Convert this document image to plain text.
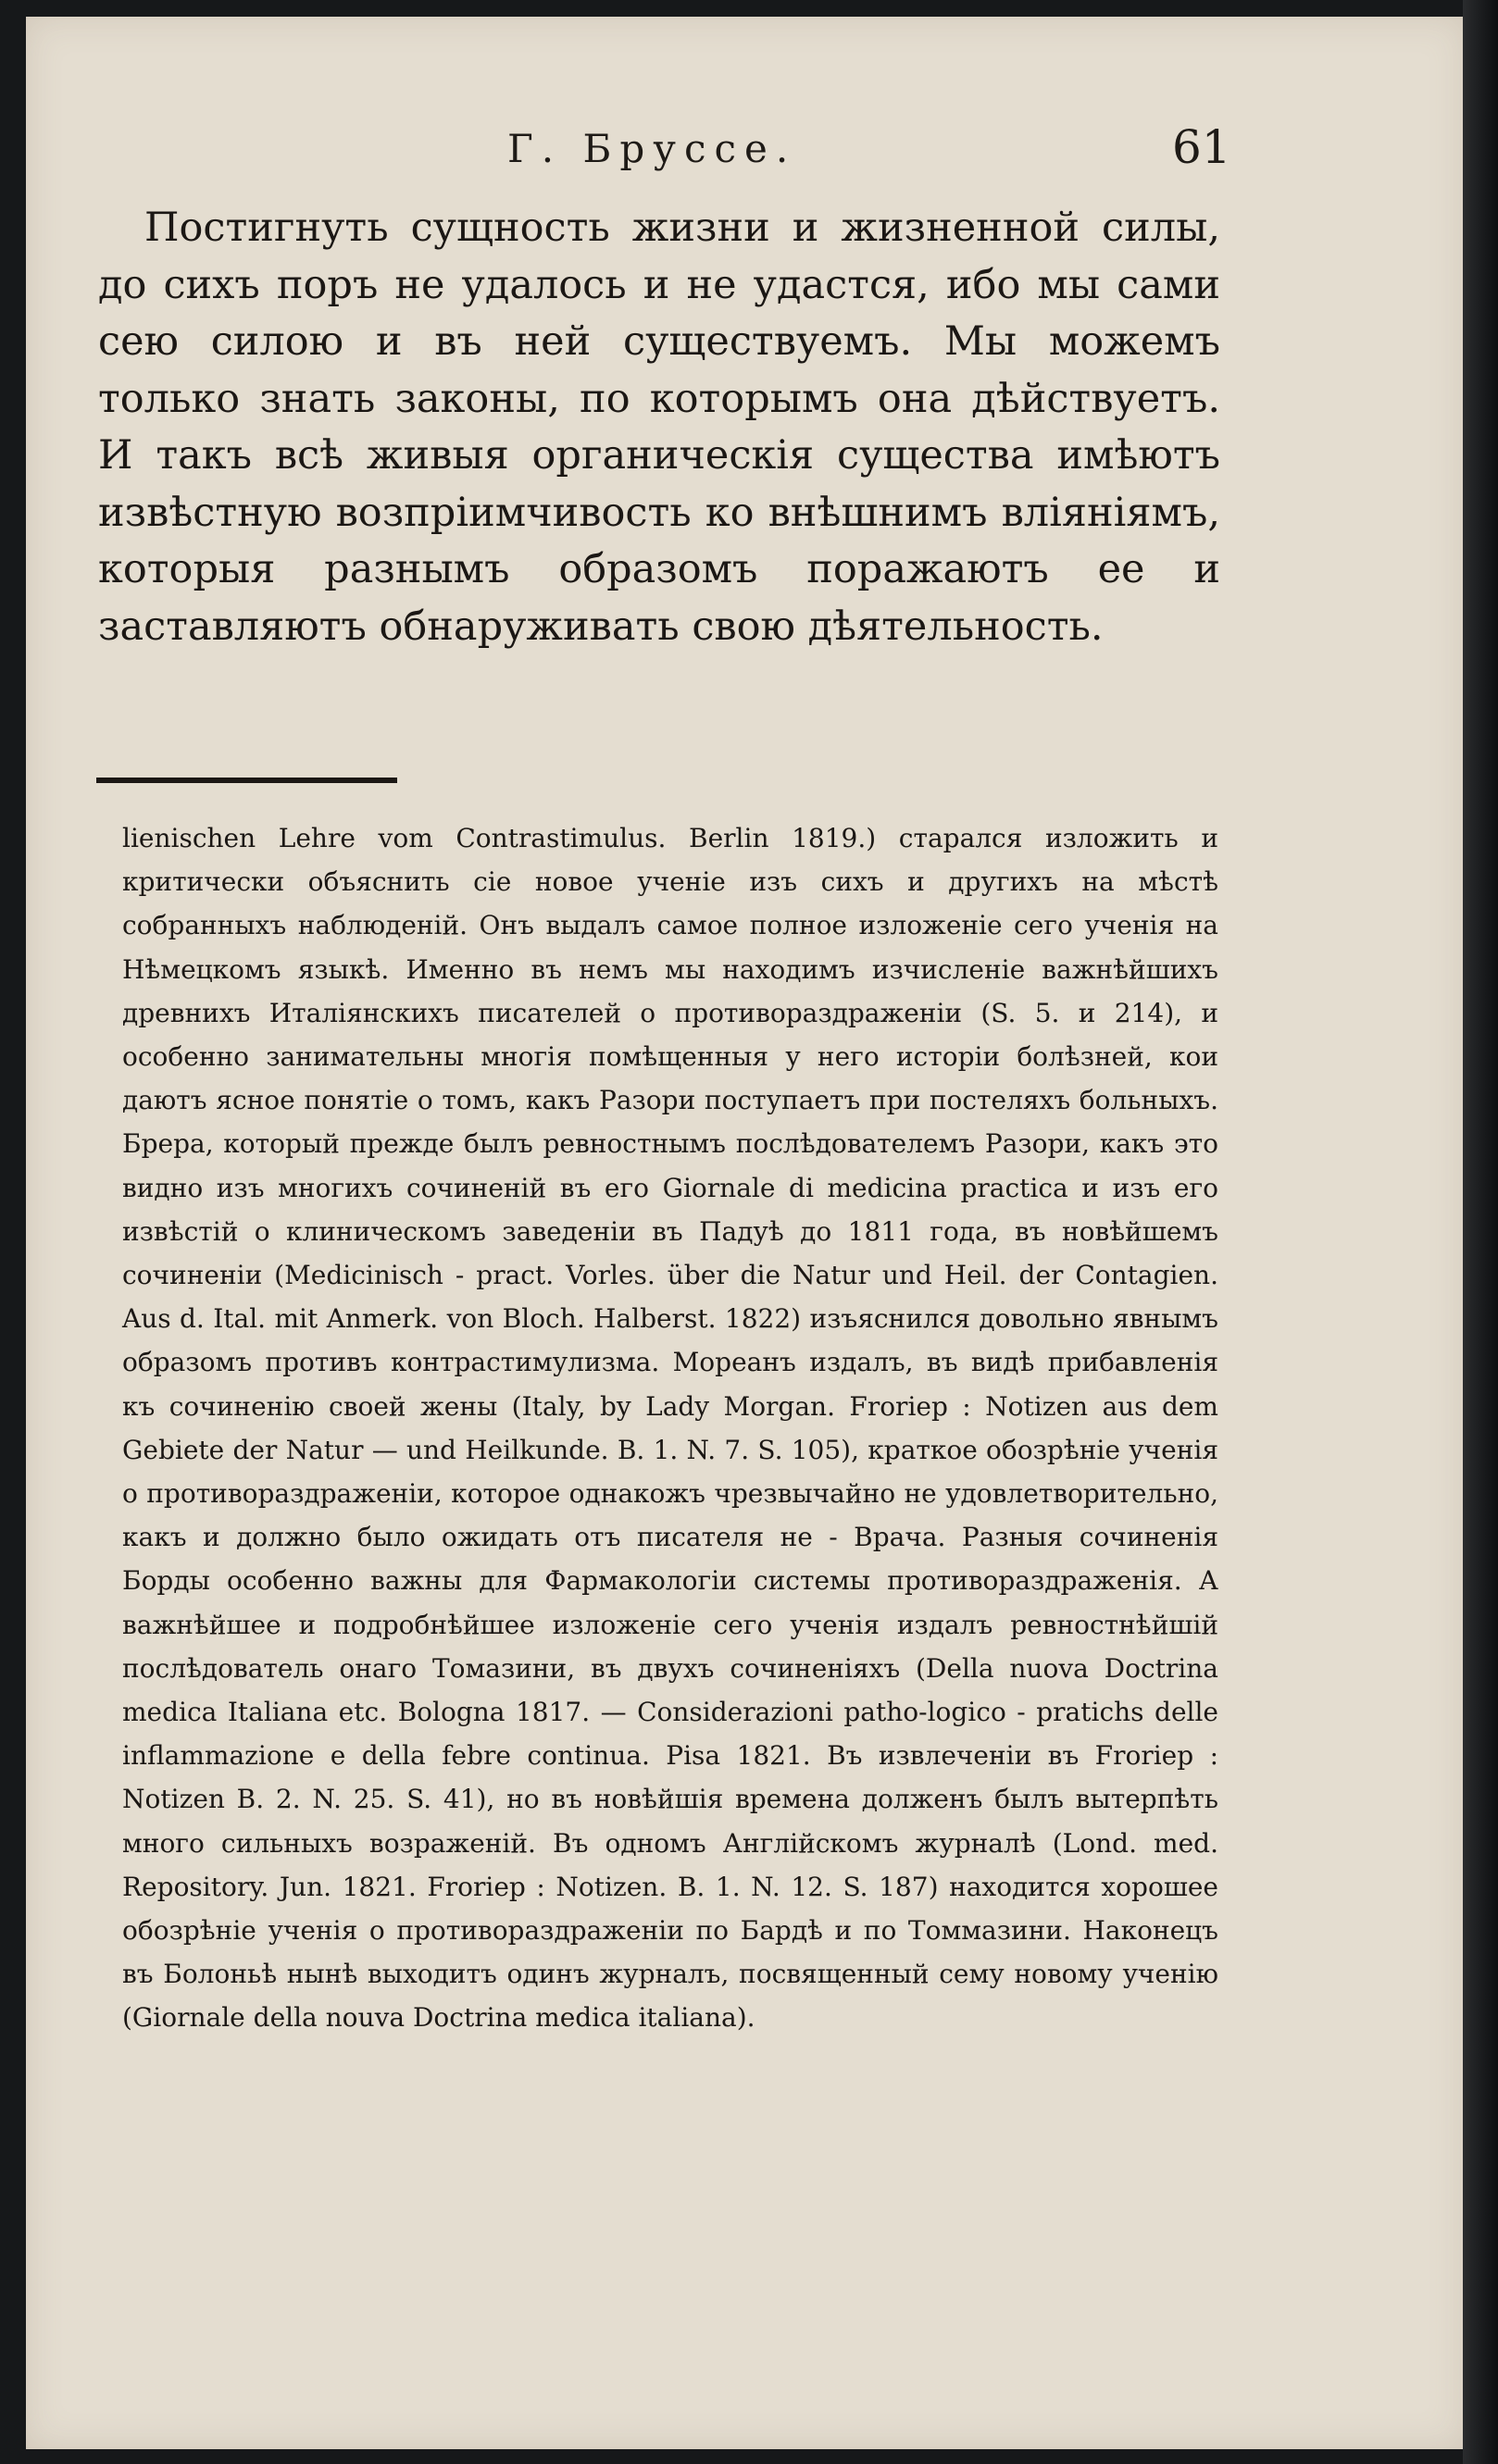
Г. Бруссе.	61
Постигнуть сущность жизни и жизненной силы, до сихъ поръ не удалось и не удастся, ибо мы сами сею силою и въ ней существуемъ. Мы можемъ только знать законы, по которымъ она дѣйствуетъ. И такъ всѣ живыя органическія существа имѣютъ извѣстную возпріимчивость ко внѣшнимъ вліяніямъ, которыя разнымъ образомъ поражаютъ ее и заставляютъ обнаруживать свою дѣятельность.

lienischen Lehre vom Contrastimulus. Berlin 1819.) старался изложить и критически объяснить сіе новое ученіе изъ сихъ и другихъ на мѣстѣ собранныхъ наблюденій. Онъ выдалъ самое полное изложеніе сего ученія на Нѣмецкомъ языкѣ. Именно въ немъ мы находимъ изчисленіе важнѣйшихъ древнихъ Италіянскихъ писателей о противораздраженіи (S. 5. и 214), и особенно занимательны многія помѣщенныя у него исторіи болѣзней, кои даютъ ясное понятіе о томъ, какъ Разори поступаетъ при постеляхъ больныхъ. Брера, который прежде былъ ревностнымъ послѣдователемъ Разори, какъ это видно изъ многихъ сочиненій въ его Giornale di medicina practica и изъ его извѣстій о клиническомъ заведеніи въ Падуѣ до 1811 года, въ новѣйшемъ сочиненіи (Medicinisch - pract. Vorles. über die Natur und Heil. der Contagien. Aus d. Ital. mit Anmerk. von Bloch. Halberst. 1822) изъяснился довольно явнымъ образомъ противъ контрастимулизма. Мореанъ издалъ, въ видѣ прибавленія къ сочиненію своей жены (Italy, by Lady Morgan. Froriep : Notizen aus dem Gebiete der Natur — und Heilkunde. B. 1. N. 7. S. 105), краткое обозрѣніе ученія о противораздраженіи, которое однакожъ чрезвычайно не удовлетворительно, какъ и должно было ожидать отъ писателя не - Врача. Разныя сочиненія Борды особенно важны для Фармакологіи системы противораздраженія. А важнѣйшее и подробнѣйшее изложеніе сего ученія издалъ ревностнѣйшій послѣдователь онаго Томазини, въ двухъ сочиненіяхъ (Della nuova Doctrina medica Italiana etc. Bologna 1817. — Considerazioni patho-logico - pratichs delle inflammazione e della febre continua. Pisa 1821. Въ извлеченіи въ Froriep : Notizen B. 2. N. 25. S. 41), но въ новѣйшія времена долженъ былъ вытерпѣть много сильныхъ возраженій. Въ одномъ Англійскомъ журналѣ (Lond. med. Repository. Jun. 1821. Froriep : Notizen. B. 1. N. 12. S. 187) находится хорошее обозрѣніе ученія о противораздраженіи по Бардѣ и по Томмазини. Наконецъ въ Болоньѣ нынѣ выходитъ одинъ журналъ, посвященный сему новому ученію (Giornale della nouva Doctrina medica italiana).
